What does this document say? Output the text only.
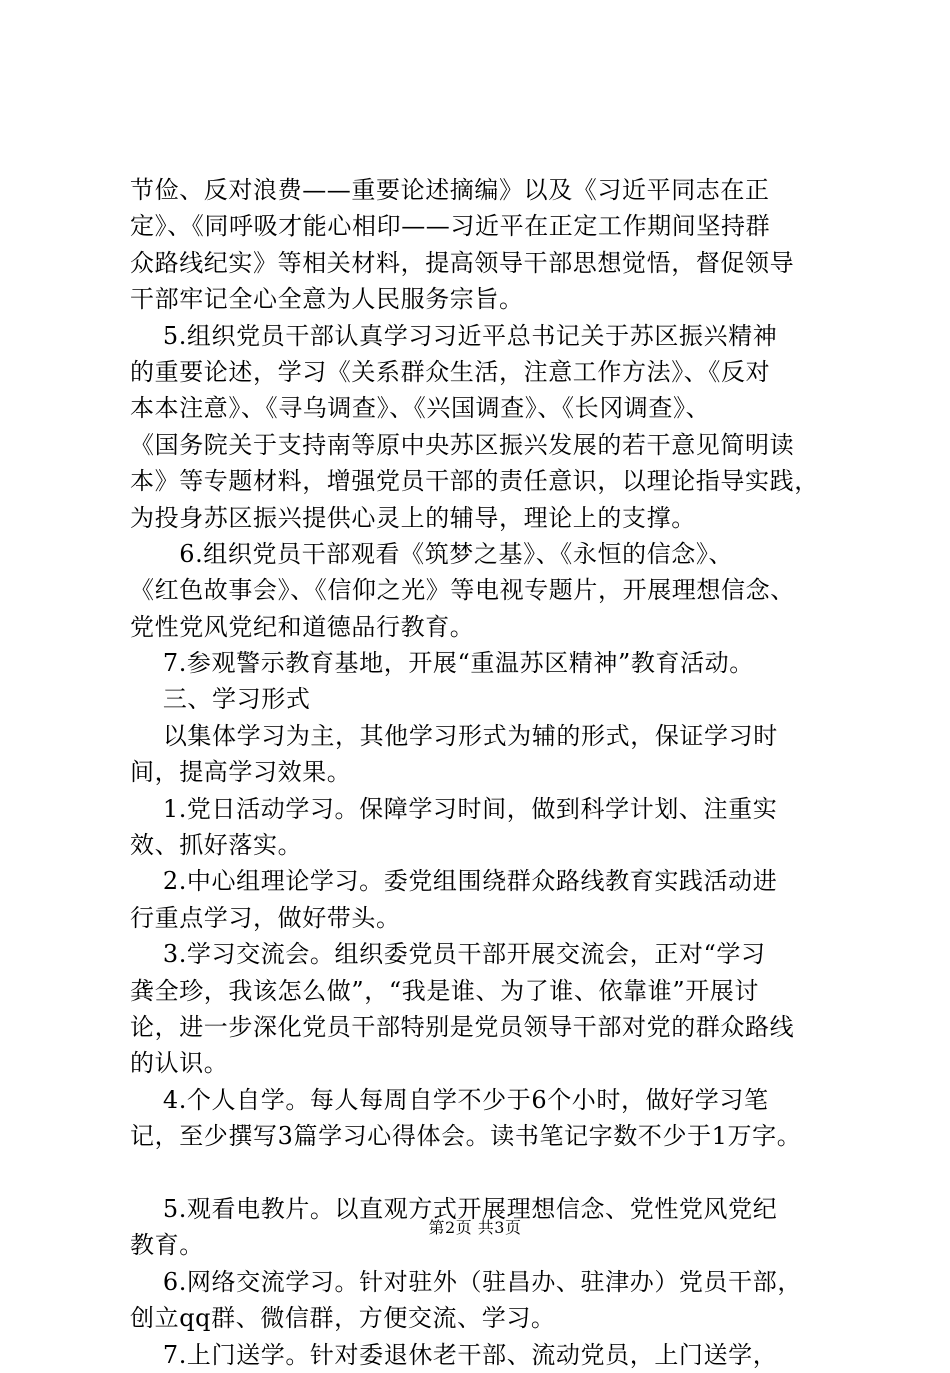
节俭、反对浪费——重要论述摘编》以及《习近平同志在正
定》、《同呼吸才能心相印——习近平在正定工作期间坚持群
众路线纪实》等相关材料，提高领导干部思想觉悟，督促领导
干部牢记全心全意为人民服务宗旨。
　 5.组织党员干部认真学习习近平总书记关于苏区振兴精神
的重要论述，学习《关系群众生活，注意工作方法》、《反对
本本注意》、《寻乌调查》、《兴国调查》、《长冈调查》、
《国务院关于支持南等原中央苏区振兴发展的若干意见简明读
本》等专题材料，增强党员干部的责任意识，以理论指导实践，
为投身苏区振兴提供心灵上的辅导，理论上的支撑。
　　6.组织党员干部观看《筑梦之基》、《永恒的信念》、
《红色故事会》、《信仰之光》等电视专题片，开展理想信念、
党性党风党纪和道德品行教育。
　 7.参观警示教育基地，开展“重温苏区精神”教育活动。
　 三、学习形式
　 以集体学习为主，其他学习形式为辅的形式，保证学习时
间，提高学习效果。
　 1.党日活动学习。保障学习时间，做到科学计划、注重实
效、抓好落实。
　 2.中心组理论学习。委党组围绕群众路线教育实践活动进
行重点学习，做好带头。
　 3.学习交流会。组织委党员干部开展交流会，正对“学习
龚全珍，我该怎么做”，“我是谁、为了谁、依靠谁”开展讨
论，进一步深化党员干部特别是党员领导干部对党的群众路线
的认识。
　 4.个人自学。每人每周自学不少于6个小时，做好学习笔
记，至少撰写3篇学习心得体会。读书笔记字数不少于1万字。
　 5.观看电教片。以直观方式开展理想信念、党性党风党纪
教育。
　 6.网络交流学习。针对驻外（驻昌办、驻津办）党员干部，
创立qq群、微信群，方便交流、学习。
　 7.上门送学。针对委退休老干部、流动党员，上门送学，
第2页 共3页
